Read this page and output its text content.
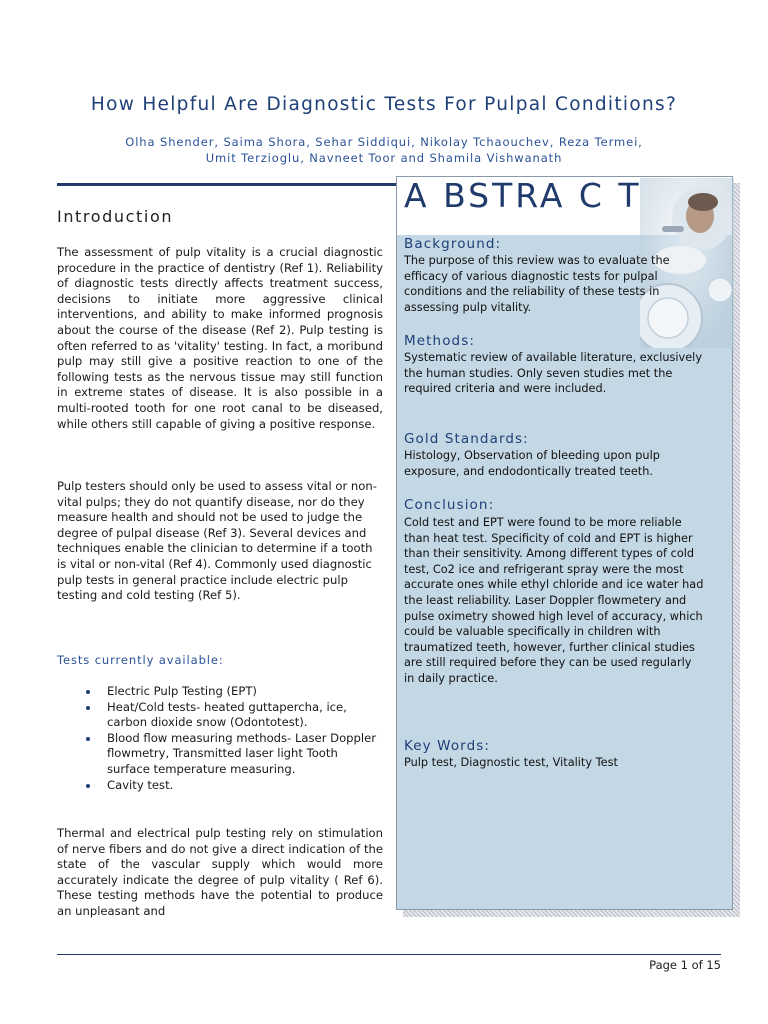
How Helpful Are Diagnostic Tests For Pulpal Conditions?
Olha Shender, Saima Shora, Sehar Siddiqui, Nikolay Tchaouchev, Reza Termei,
Umit Terzioglu, Navneet Toor and Shamila Vishwanath
Introduction
The assessment of pulp vitality is a crucial diagnostic procedure in the practice of dentistry (Ref 1). Reliability of diagnostic tests directly affects treatment success, decisions to initiate more aggressive clinical interventions, and ability to make informed prognosis about the course of the disease (Ref 2). Pulp testing is often referred to as 'vitality' testing. In fact, a moribund pulp may still give a positive reaction to one of the following tests as the nervous tissue may still function in extreme states of disease. It is also possible in a multi-rooted tooth for one root canal to be diseased, while others still capable of giving a positive response.
Pulp testers should only be used to assess vital or non-vital pulps; they do not quantify disease, nor do they measure health and should not be used to judge the degree of pulpal disease (Ref 3). Several devices and techniques enable the clinician to determine if a tooth is vital or non-vital (Ref 4). Commonly used diagnostic pulp tests in general practice include electric pulp testing and cold testing (Ref 5).
Tests currently available:
Electric Pulp Testing (EPT)
Heat/Cold tests- heated guttapercha, ice, carbon dioxide snow (Odontotest).
Blood flow measuring methods- Laser Doppler flowmetry, Transmitted laser light Tooth surface temperature measuring.
Cavity test.
Thermal and electrical pulp testing rely on stimulation of nerve fibers and do not give a direct indication of the state of the vascular supply which would more accurately indicate the degree of pulp vitality ( Ref 6). These testing methods have the potential to produce an unpleasant and
A BSTRA C T
Background:
The purpose of this review was to evaluate the efficacy of various diagnostic tests for pulpal conditions and the reliability of these tests in assessing pulp vitality.
Methods:
Systematic review of available literature, exclusively the human studies. Only seven studies met the required criteria and were included.
Gold Standards:
Histology, Observation of bleeding upon pulp exposure, and endodontically treated teeth.
Conclusion:
Cold test and EPT were found to be more reliable than heat test. Specificity of cold and EPT is higher than their sensitivity. Among different types of cold test, Co2 ice and refrigerant spray were the most accurate ones while ethyl chloride and ice water had the least reliability. Laser Doppler flowmetery and pulse oximetry showed high level of accuracy, which could be valuable specifically in children with traumatized teeth, however, further clinical studies are still required before they can be used regularly in daily practice.
Key Words:
Pulp test, Diagnostic test, Vitality Test
Page 1 of 15
